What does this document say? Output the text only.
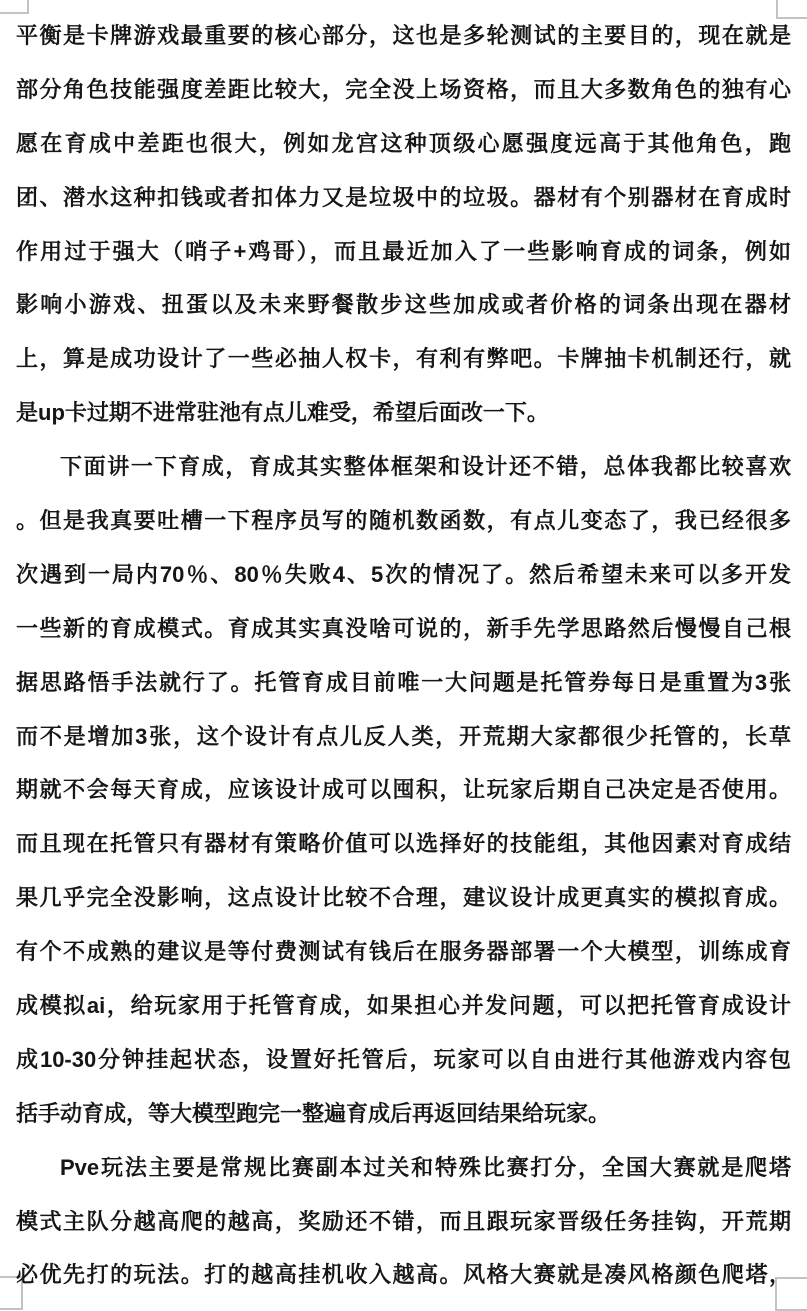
平衡是卡牌游戏最重要的核心部分，这也是多轮测试的主要目的，现在就是
部分角色技能强度差距比较大，完全没上场资格，而且大多数角色的独有心
愿在育成中差距也很大，例如龙宫这种顶级心愿强度远高于其他角色，跑
团、潜水这种扣钱或者扣体力又是垃圾中的垃圾。器材有个别器材在育成时
作用过于强大（哨子+鸡哥），而且最近加入了一些影响育成的词条，例如
影响小游戏、扭蛋以及未来野餐散步这些加成或者价格的词条出现在器材
上，算是成功设计了一些必抽人权卡，有利有弊吧。卡牌抽卡机制还行，就
是up卡过期不进常驻池有点儿难受，希望后面改一下。
下面讲一下育成，育成其实整体框架和设计还不错，总体我都比较喜欢
。但是我真要吐槽一下程序员写的随机数函数，有点儿变态了，我已经很多
次遇到一局内70％、80％失败4、5次的情况了。然后希望未来可以多开发
一些新的育成模式。育成其实真没啥可说的，新手先学思路然后慢慢自己根
据思路悟手法就行了。托管育成目前唯一大问题是托管券每日是重置为3张
而不是增加3张，这个设计有点儿反人类，开荒期大家都很少托管的，长草
期就不会每天育成，应该设计成可以囤积，让玩家后期自己决定是否使用。
而且现在托管只有器材有策略价值可以选择好的技能组，其他因素对育成结
果几乎完全没影响，这点设计比较不合理，建议设计成更真实的模拟育成。
有个不成熟的建议是等付费测试有钱后在服务器部署一个大模型，训练成育
成模拟ai，给玩家用于托管育成，如果担心并发问题，可以把托管育成设计
成10-30分钟挂起状态，设置好托管后，玩家可以自由进行其他游戏内容包
括手动育成，等大模型跑完一整遍育成后再返回结果给玩家。
Pve玩法主要是常规比赛副本过关和特殊比赛打分，全国大赛就是爬塔
模式主队分越高爬的越高，奖励还不错，而且跟玩家晋级任务挂钩，开荒期
必优先打的玩法。打的越高挂机收入越高。风格大赛就是凑风格颜色爬塔，
